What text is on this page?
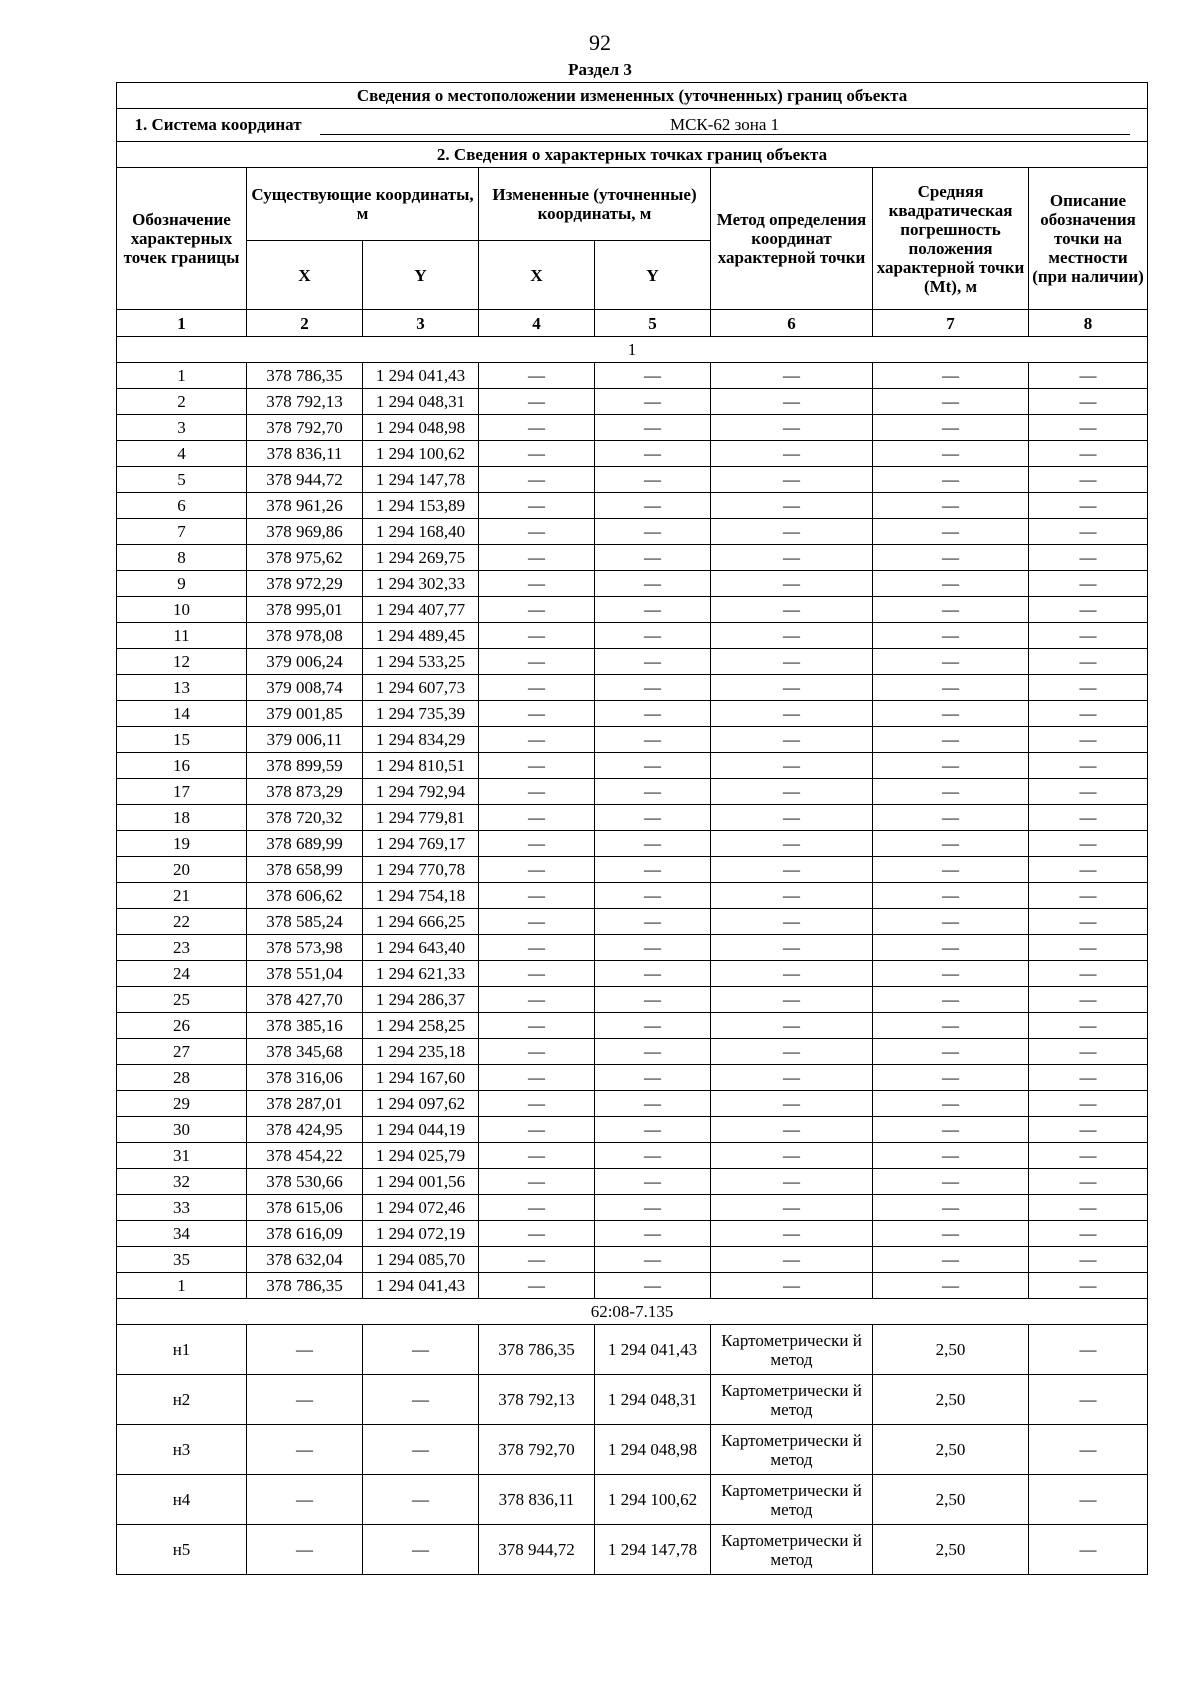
92
Раздел 3
Сведения о местоположении измененных (уточненных) границ объекта							
1. Система координат МСК-62 зона 1							
2. Сведения о характерных точках границ объекта							
Обозначение характерных точек границы	Существующие координаты, м		Измененные (уточненные) координаты, м		Метод определения координат характерной точки	Средняя квадратическая погрешность положения характерной точки (Mt), м	Описание обозначения точки на местности (при наличии)
	X	Y	X	Y			
1	2	3	4	5	6	7	8
1							
1	378 786,35	1 294 041,43	—	—	—	—	—
2	378 792,13	1 294 048,31	—	—	—	—	—
3	378 792,70	1 294 048,98	—	—	—	—	—
4	378 836,11	1 294 100,62	—	—	—	—	—
5	378 944,72	1 294 147,78	—	—	—	—	—
6	378 961,26	1 294 153,89	—	—	—	—	—
7	378 969,86	1 294 168,40	—	—	—	—	—
8	378 975,62	1 294 269,75	—	—	—	—	—
9	378 972,29	1 294 302,33	—	—	—	—	—
10	378 995,01	1 294 407,77	—	—	—	—	—
11	378 978,08	1 294 489,45	—	—	—	—	—
12	379 006,24	1 294 533,25	—	—	—	—	—
13	379 008,74	1 294 607,73	—	—	—	—	—
14	379 001,85	1 294 735,39	—	—	—	—	—
15	379 006,11	1 294 834,29	—	—	—	—	—
16	378 899,59	1 294 810,51	—	—	—	—	—
17	378 873,29	1 294 792,94	—	—	—	—	—
18	378 720,32	1 294 779,81	—	—	—	—	—
19	378 689,99	1 294 769,17	—	—	—	—	—
20	378 658,99	1 294 770,78	—	—	—	—	—
21	378 606,62	1 294 754,18	—	—	—	—	—
22	378 585,24	1 294 666,25	—	—	—	—	—
23	378 573,98	1 294 643,40	—	—	—	—	—
24	378 551,04	1 294 621,33	—	—	—	—	—
25	378 427,70	1 294 286,37	—	—	—	—	—
26	378 385,16	1 294 258,25	—	—	—	—	—
27	378 345,68	1 294 235,18	—	—	—	—	—
28	378 316,06	1 294 167,60	—	—	—	—	—
29	378 287,01	1 294 097,62	—	—	—	—	—
30	378 424,95	1 294 044,19	—	—	—	—	—
31	378 454,22	1 294 025,79	—	—	—	—	—
32	378 530,66	1 294 001,56	—	—	—	—	—
33	378 615,06	1 294 072,46	—	—	—	—	—
34	378 616,09	1 294 072,19	—	—	—	—	—
35	378 632,04	1 294 085,70	—	—	—	—	—
1	378 786,35	1 294 041,43	—	—	—	—	—
62:08-7.135							
н1	—	—	378 786,35	1 294 041,43	Картометрически й метод	2,50	—
н2	—	—	378 792,13	1 294 048,31	Картометрически й метод	2,50	—
н3	—	—	378 792,70	1 294 048,98	Картометрически й метод	2,50	—
н4	—	—	378 836,11	1 294 100,62	Картометрически й метод	2,50	—
н5	—	—	378 944,72	1 294 147,78	Картометрически й метод	2,50	—
